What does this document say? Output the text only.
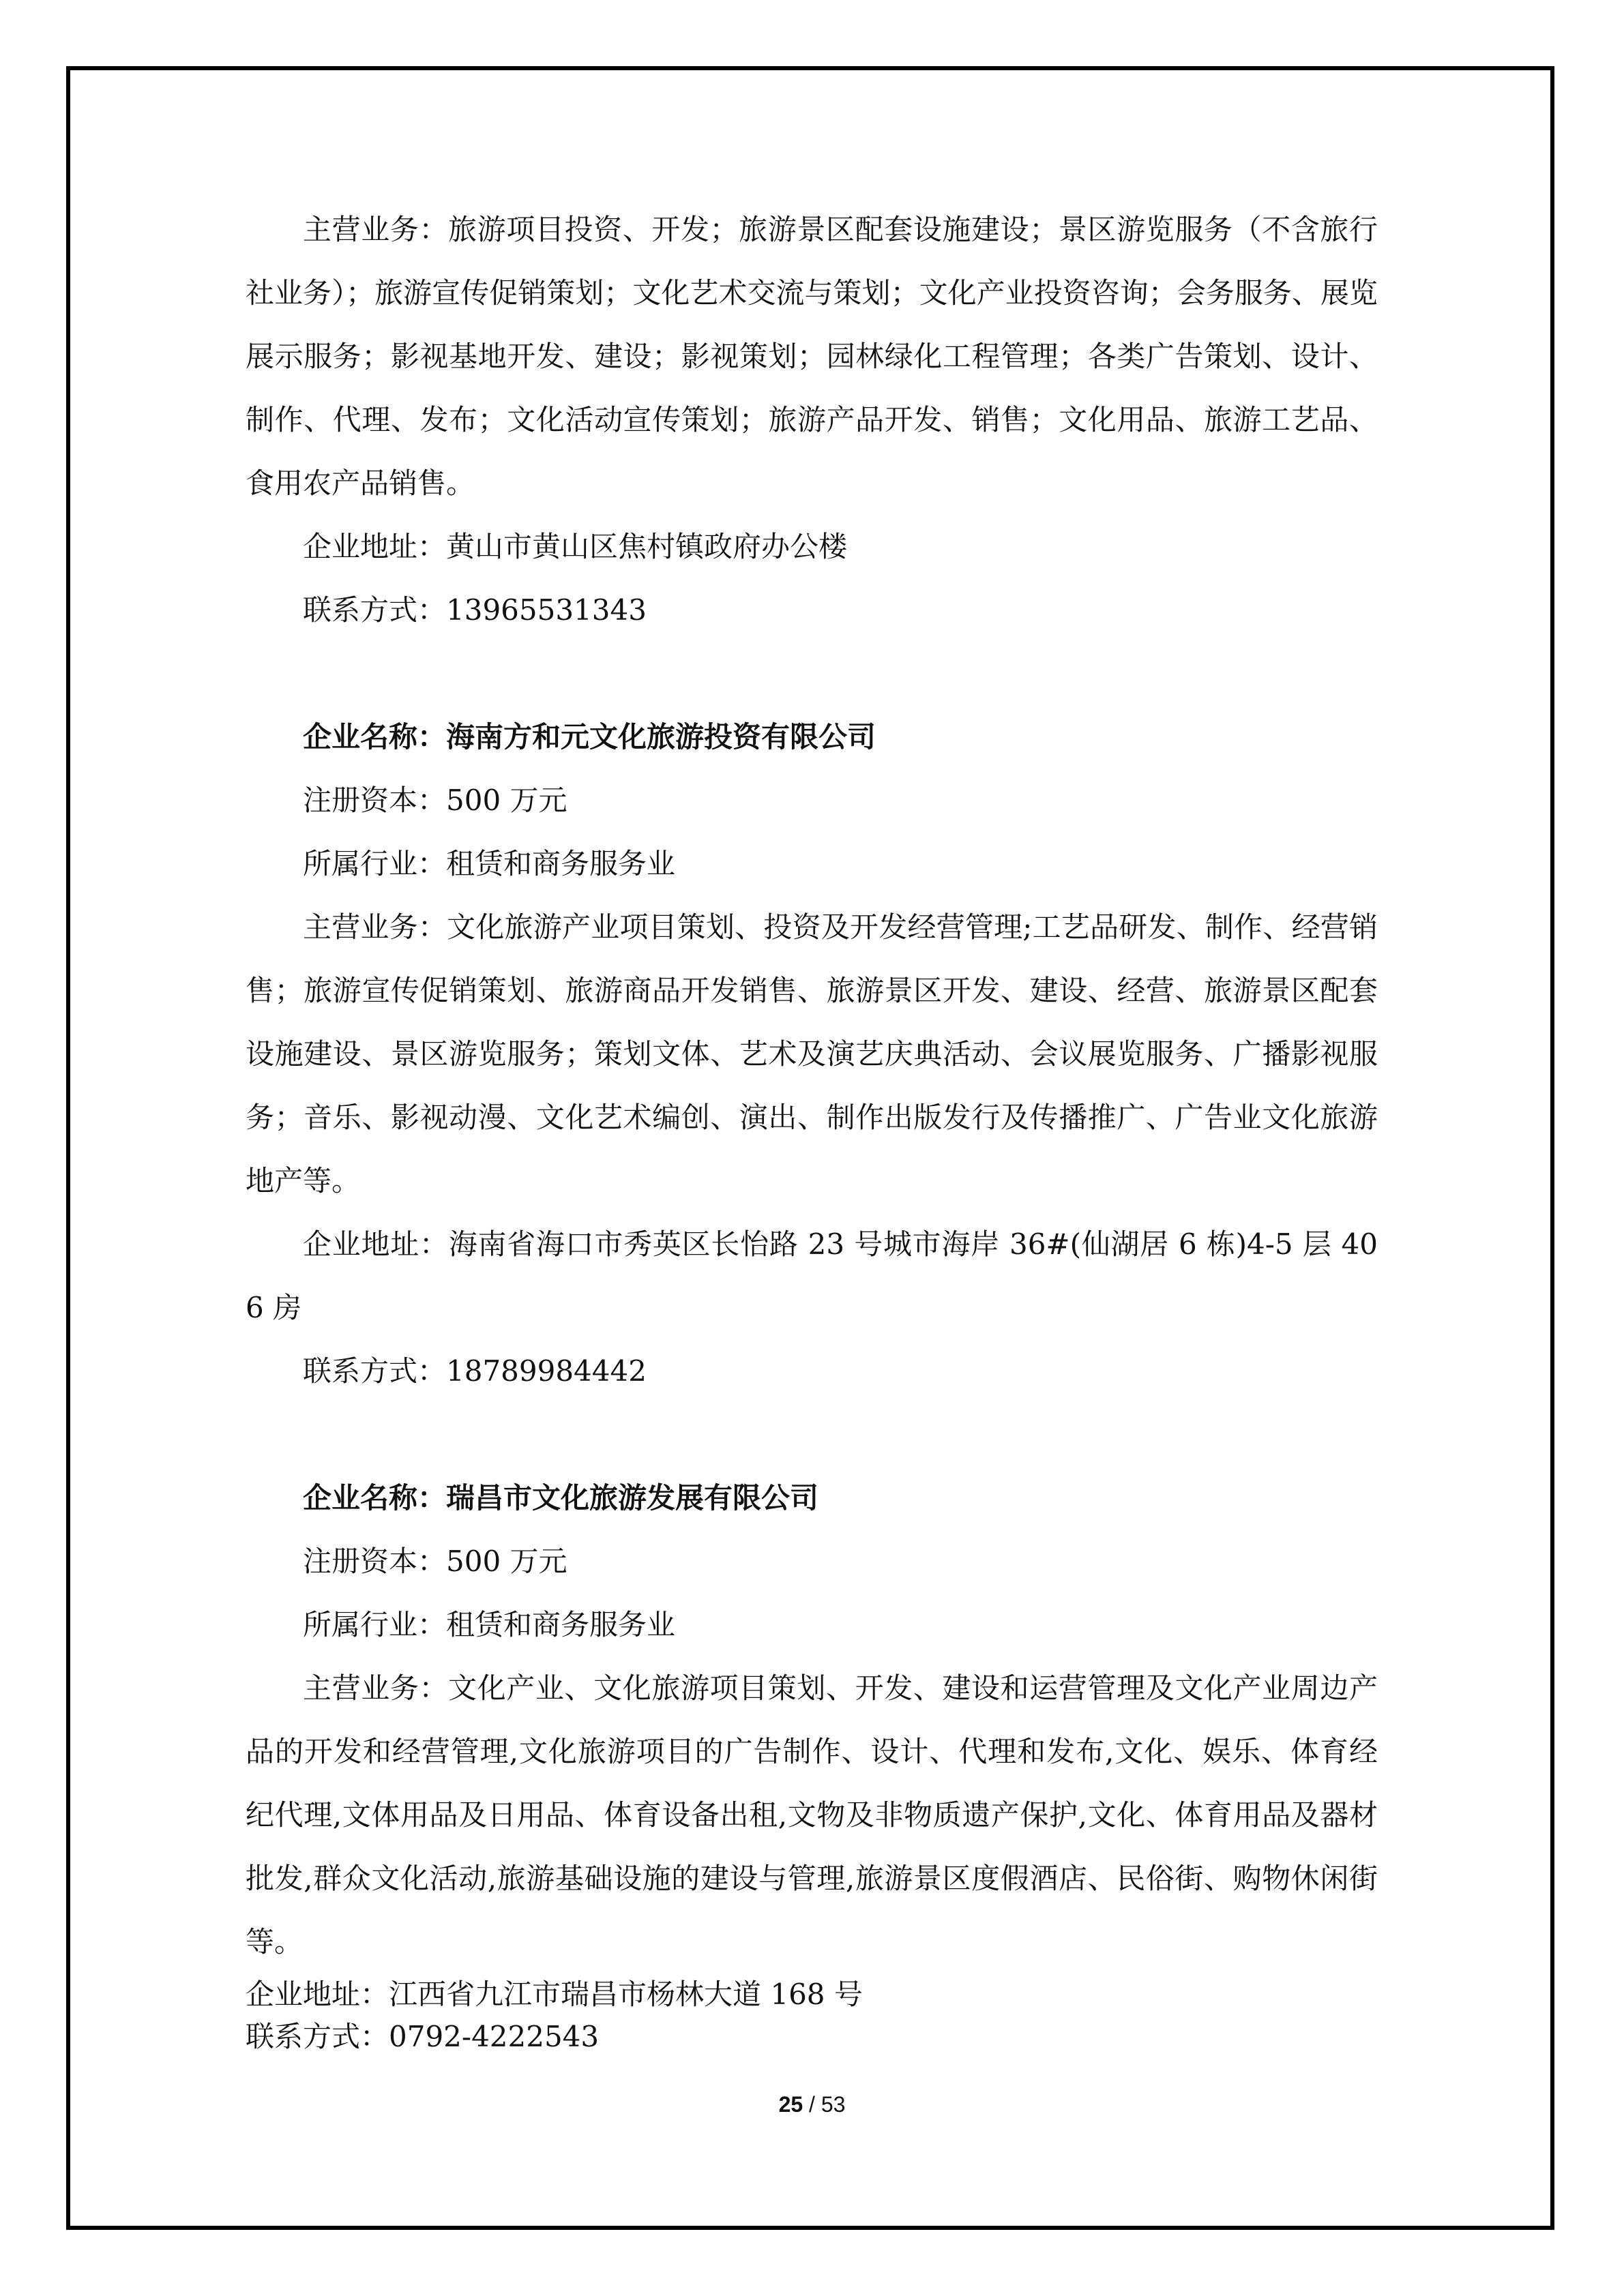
主营业务：旅游项目投资、开发；旅游景区配套设施建设；景区游览服务（不含旅行社业务）；旅游宣传促销策划；文化艺术交流与策划；文化产业投资咨询；会务服务、展览展示服务；影视基地开发、建设；影视策划；园林绿化工程管理；各类广告策划、设计、制作、代理、发布；文化活动宣传策划；旅游产品开发、销售；文化用品、旅游工艺品、食用农产品销售。

企业地址：黄山市黄山区焦村镇政府办公楼

联系方式：13965531343

企业名称：海南方和元文化旅游投资有限公司

注册资本：500 万元

所属行业：租赁和商务服务业

主营业务：文化旅游产业项目策划、投资及开发经营管理;工艺品研发、制作、经营销售；旅游宣传促销策划、旅游商品开发销售、旅游景区开发、建设、经营、旅游景区配套设施建设、景区游览服务；策划文体、艺术及演艺庆典活动、会议展览服务、广播影视服务；音乐、影视动漫、文化艺术编创、演出、制作出版发行及传播推广、广告业文化旅游地产等。

企业地址：海南省海口市秀英区长怡路 23 号城市海岸 36#(仙湖居 6 栋)4-5 层 406 房

联系方式：18789984442

企业名称：瑞昌市文化旅游发展有限公司

注册资本：500 万元

所属行业：租赁和商务服务业

主营业务：文化产业、文化旅游项目策划、开发、建设和运营管理及文化产业周边产品的开发和经营管理,文化旅游项目的广告制作、设计、代理和发布,文化、娱乐、体育经纪代理,文体用品及日用品、体育设备出租,文物及非物质遗产保护,文化、体育用品及器材批发,群众文化活动,旅游基础设施的建设与管理,旅游景区度假酒店、民俗街、购物休闲街等。

企业地址：江西省九江市瑞昌市杨林大道 168 号

联系方式：0792-4222543

25 / 53
